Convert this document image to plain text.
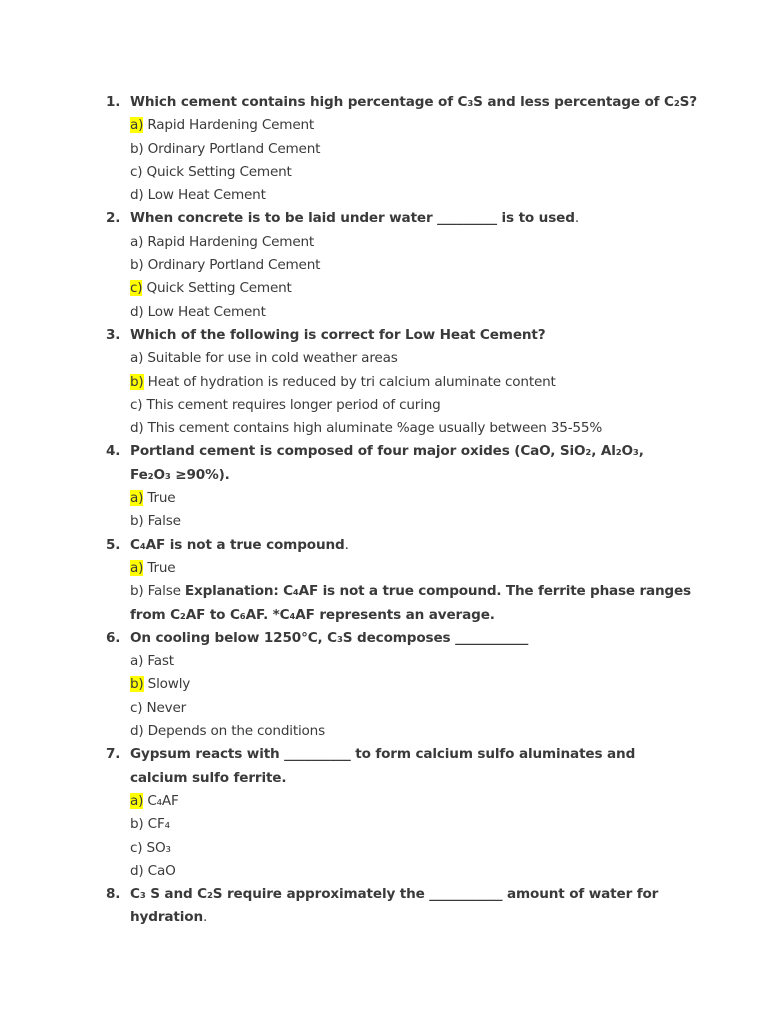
1. Which cement contains high percentage of C₃S and less percentage of C₂S?
a) Rapid Hardening Cement
b) Ordinary Portland Cement
c) Quick Setting Cement
d) Low Heat Cement
2. When concrete is to be laid under water _________ is to used.
a) Rapid Hardening Cement
b) Ordinary Portland Cement
c) Quick Setting Cement
d) Low Heat Cement
3. Which of the following is correct for Low Heat Cement?
a) Suitable for use in cold weather areas
b) Heat of hydration is reduced by tri calcium aluminate content
c) This cement requires longer period of curing
d) This cement contains high aluminate %age usually between 35-55%
4. Portland cement is composed of four major oxides (CaO, SiO₂, Al₂O₃,
Fe₂O₃ ≥90%).
a) True
b) False
5. C₄AF is not a true compound.
a) True
b) False Explanation: C₄AF is not a true compound. The ferrite phase ranges
from C₂AF to C₆AF. *C₄AF represents an average.
6. On cooling below 1250°C, C₃S decomposes ___________
a) Fast
b) Slowly
c) Never
d) Depends on the conditions
7. Gypsum reacts with __________ to form calcium sulfo aluminates and
calcium sulfo ferrite.
a) C₄AF
b) CF₄
c) SO₃
d) CaO
8. C₃ S and C₂S require approximately the ___________ amount of water for
hydration.
